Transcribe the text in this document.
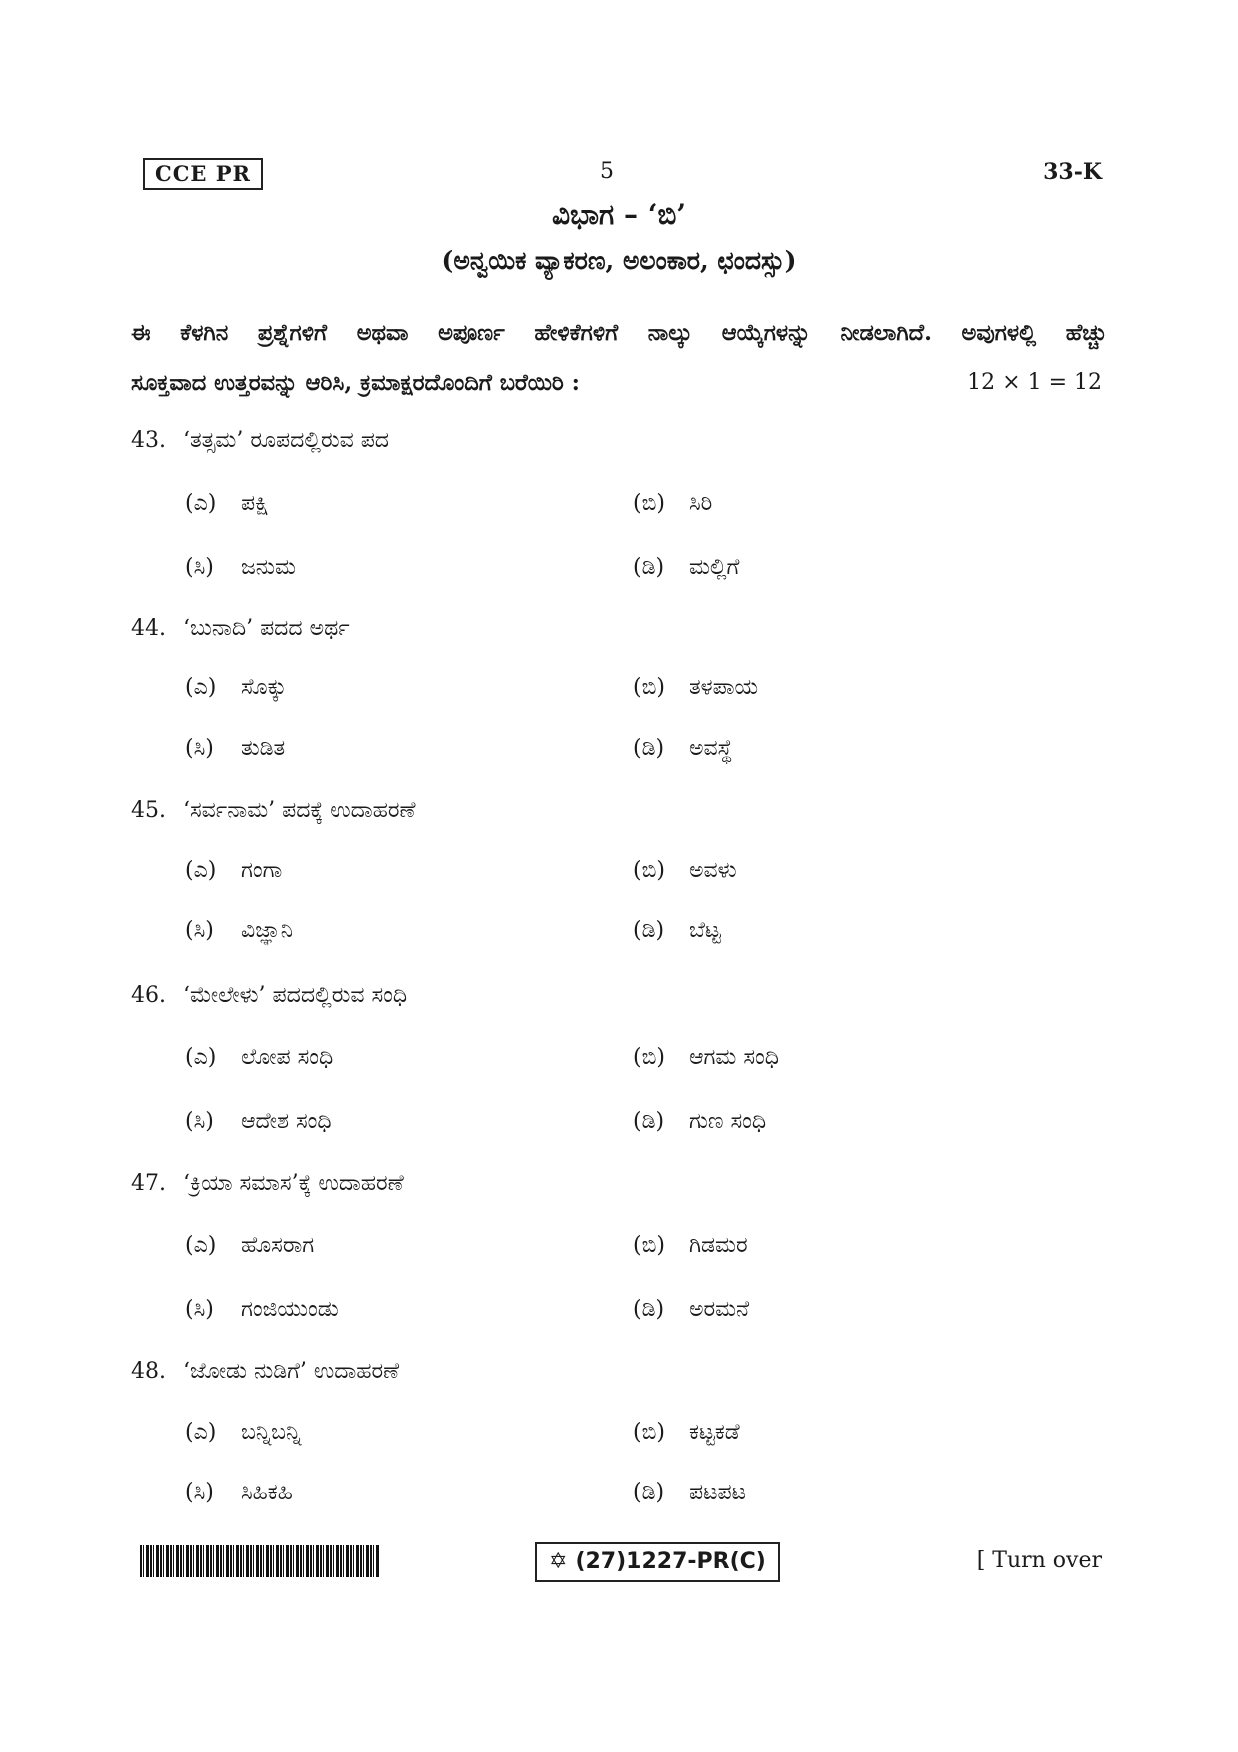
CCE PR	5	33-K
ವಿಭಾಗ – ‘ಬಿ’
(ಅನ್ವಯಿಕ ವ್ಯಾಕರಣ, ಅಲಂಕಾರ, ಛಂದಸ್ಸು)
ಈ ಕೆಳಗಿನ ಪ್ರಶ್ನೆಗಳಿಗೆ ಅಥವಾ ಅಪೂರ್ಣ ಹೇಳಿಕೆಗಳಿಗೆ ನಾಲ್ಕು ಆಯ್ಕೆಗಳನ್ನು ನೀಡಲಾಗಿದೆ. ಅವುಗಳಲ್ಲಿ ಹೆಚ್ಚು
ಸೂಕ್ತವಾದ ಉತ್ತರವನ್ನು ಆರಿಸಿ, ಕ್ರಮಾಕ್ಷರದೊಂದಿಗೆ ಬರೆಯಿರಿ :	12 × 1 = 12
43. ‘ತತ್ಸಮ’ ರೂಪದಲ್ಲಿರುವ ಪದ
(ಎ) ಪಕ್ಷಿ	(ಬಿ) ಸಿರಿ
(ಸಿ) ಜನುಮ	(ಡಿ) ಮಲ್ಲಿಗೆ
44. ‘ಬುನಾದಿ’ ಪದದ ಅರ್ಥ
(ಎ) ಸೊಕ್ಕು	(ಬಿ) ತಳಪಾಯ
(ಸಿ) ತುಡಿತ	(ಡಿ) ಅವಸ್ಥೆ
45. ‘ಸರ್ವನಾಮ’ ಪದಕ್ಕೆ ಉದಾಹರಣೆ
(ಎ) ಗಂಗಾ	(ಬಿ) ಅವಳು
(ಸಿ) ವಿಜ್ಞಾನಿ	(ಡಿ) ಬೆಟ್ಟ
46. ‘ಮೇಲೇಳು’ ಪದದಲ್ಲಿರುವ ಸಂಧಿ
(ಎ) ಲೋಪ ಸಂಧಿ	(ಬಿ) ಆಗಮ ಸಂಧಿ
(ಸಿ) ಆದೇಶ ಸಂಧಿ	(ಡಿ) ಗುಣ ಸಂಧಿ
47. ‘ಕ್ರಿಯಾ ಸಮಾಸ’ಕ್ಕೆ ಉದಾಹರಣೆ
(ಎ) ಹೊಸರಾಗ	(ಬಿ) ಗಿಡಮರ
(ಸಿ) ಗಂಜಿಯುಂಡು	(ಡಿ) ಅರಮನೆ
48. ‘ಜೋಡು ನುಡಿಗೆ’ ಉದಾಹರಣೆ
(ಎ) ಬನ್ನಿಬನ್ನಿ	(ಬಿ) ಕಟ್ಟಕಡೆ
(ಸಿ) ಸಿಹಿಕಹಿ	(ಡಿ) ಪಟಪಟ
✡ (27)1227-PR(C)	[ Turn over
